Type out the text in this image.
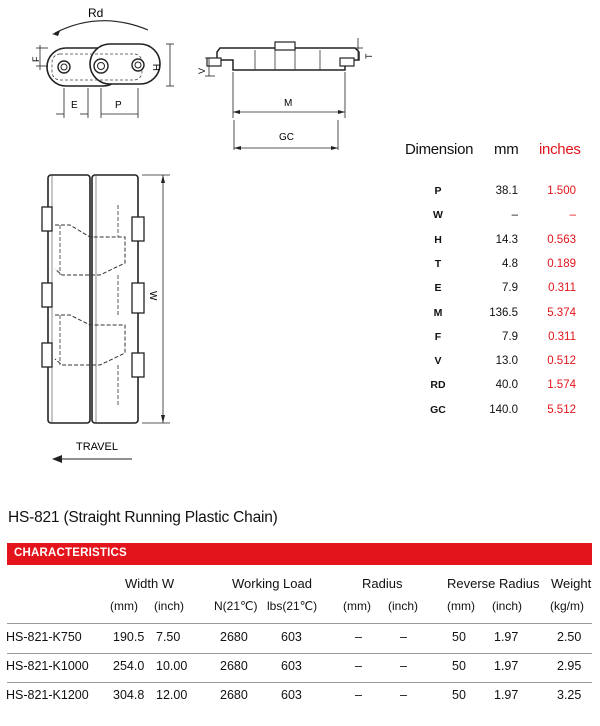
Rd
F
H
E	P
V
T
M
GC
W
TRAVEL
Dimension mm inches
P	38.1	1.500
W	–	–
H	14.3	0.563
T	4.8	0.189
E	7.9	0.311
M	136.5	5.374
F	7.9	0.311
V	13.0	0.512
RD	40.0	1.574
GC	140.0	5.512
HS-821 (Straight Running Plastic Chain)
CHARACTERISTICS
Width W	Working Load	Radius	Reverse Radius Weight
(mm) (inch) N(21℃) lbs(21℃) (mm) (inch) (mm) (inch) (kg/m)
HS-821-K750	190.5 7.50	2680	603	–	–	50 1.97	2.50
HS-821-K1000 254.0 10.00	2680	603	–	–	50 1.97	2.95
HS-821-K1200 304.8 12.00	2680	603	–	–	50 1.97	3.25
